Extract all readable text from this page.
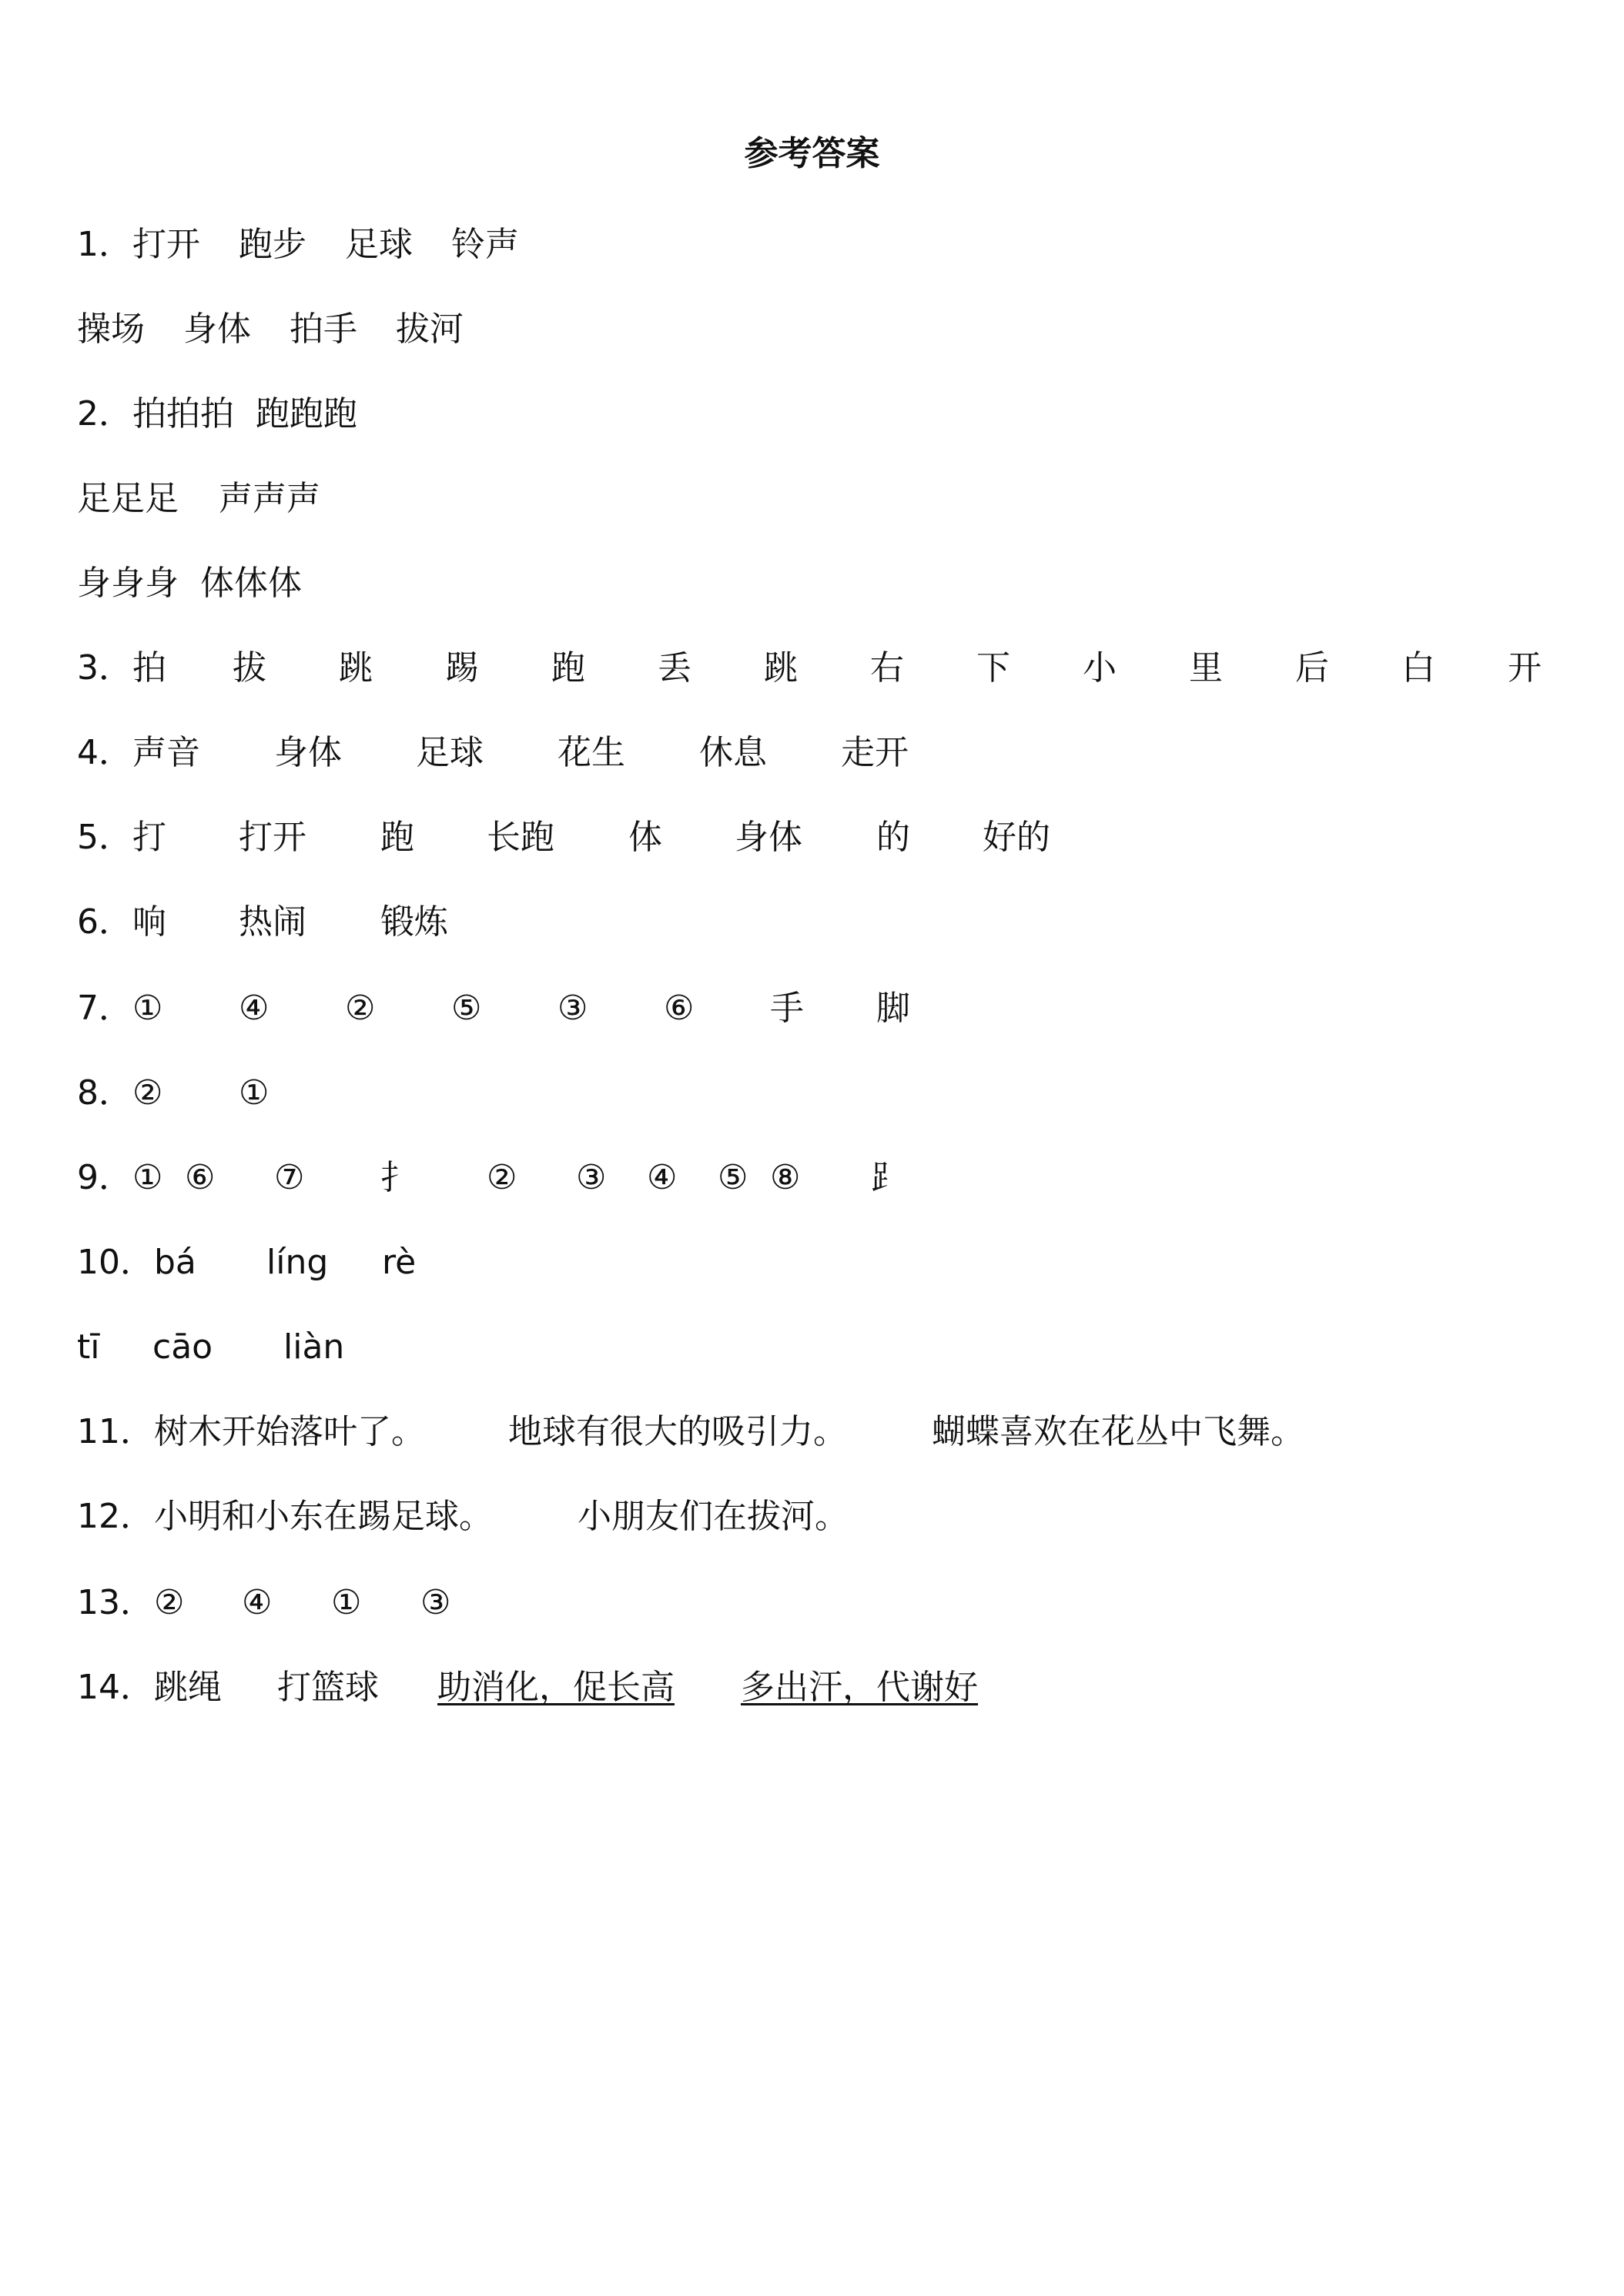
参考答案
1．打开 跑步 足球 铃声
操场 身体 拍手 拔河
2．拍拍拍 跑跑跑
足足足 声声声
身身身 体体体
3．拍 拔 跳 踢 跑 丢 跳 右 下 小 里 后 白 开
4．声音 身体 足球 花生 休息 走开
5．打 打开 跑 长跑 体 身体 的 好的
6．响 热闹 锻炼
7．① ④ ② ⑤ ③ ⑥ 手 脚
8．② ①
9．① ⑥ ⑦ 扌 ② ③ ④ ⑤ ⑧ ⻊
10．bá líng rè
tī cāo liàn
11．树木开始落叶了。 地球有很大的吸引力。	蝴蝶喜欢在花丛中飞舞。
12．小明和小东在踢足球。	小朋友们在拔河。
13．② ④ ① ③
14．跳绳 打篮球 助消化，促长高 多出汗，代谢好
